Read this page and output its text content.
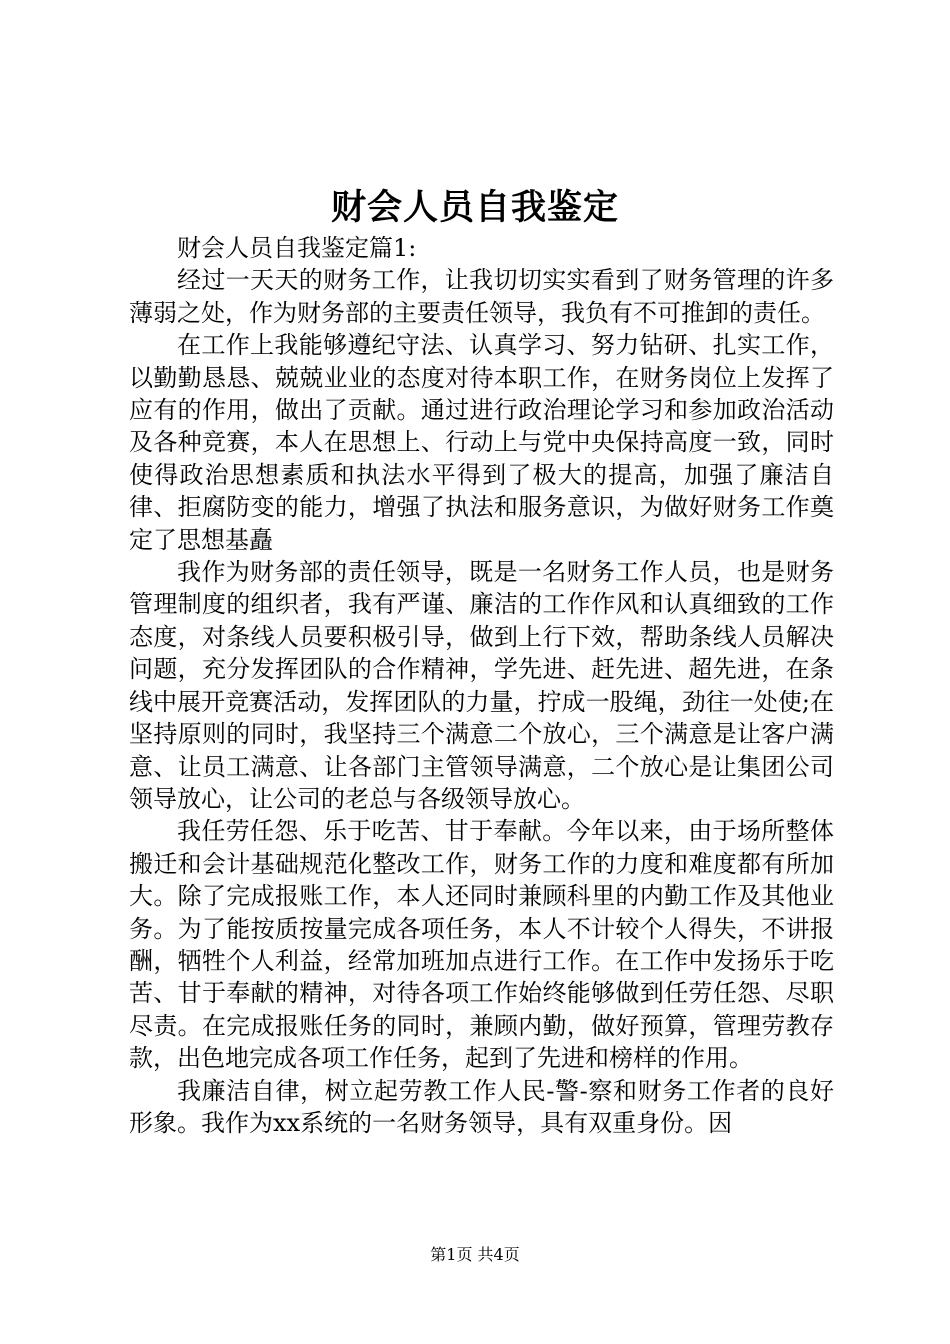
财会人员自我鉴定

财会人员自我鉴定篇1:

经过一天天的财务工作，让我切切实实看到了财务管理的许多薄弱之处，作为财务部的主要责任领导，我负有不可推卸的责任。

在工作上我能够遵纪守法、认真学习、努力钻研、扎实工作，以勤勤恳恳、兢兢业业的态度对待本职工作，在财务岗位上发挥了应有的作用，做出了贡献。通过进行政治理论学习和参加政治活动及各种竞赛，本人在思想上、行动上与党中央保持高度一致，同时使得政治思想素质和执法水平得到了极大的提高，加强了廉洁自律、拒腐防变的能力，增强了执法和服务意识，为做好财务工作奠定了思想基矗

我作为财务部的责任领导，既是一名财务工作人员，也是财务管理制度的组织者，我有严谨、廉洁的工作作风和认真细致的工作态度，对条线人员要积极引导，做到上行下效，帮助条线人员解决问题，充分发挥团队的合作精神，学先进、赶先进、超先进，在条线中展开竞赛活动，发挥团队的力量，拧成一股绳，劲往一处使;在坚持原则的同时，我坚持三个满意二个放心，三个满意是让客户满意、让员工满意、让各部门主管领导满意，二个放心是让集团公司领导放心，让公司的老总与各级领导放心。

我任劳任怨、乐于吃苦、甘于奉献。今年以来，由于场所整体搬迁和会计基础规范化整改工作，财务工作的力度和难度都有所加大。除了完成报账工作，本人还同时兼顾科里的内勤工作及其他业务。为了能按质按量完成各项任务，本人不计较个人得失，不讲报酬，牺牲个人利益，经常加班加点进行工作。在工作中发扬乐于吃苦、甘于奉献的精神，对待各项工作始终能够做到任劳任怨、尽职尽责。在完成报账任务的同时，兼顾内勤，做好预算，管理劳教存款，出色地完成各项工作任务，起到了先进和榜样的作用。

我廉洁自律，树立起劳教工作人民-警-察和财务工作者的良好形象。我作为xx系统的一名财务领导，具有双重身份。因

第1页 共4页
